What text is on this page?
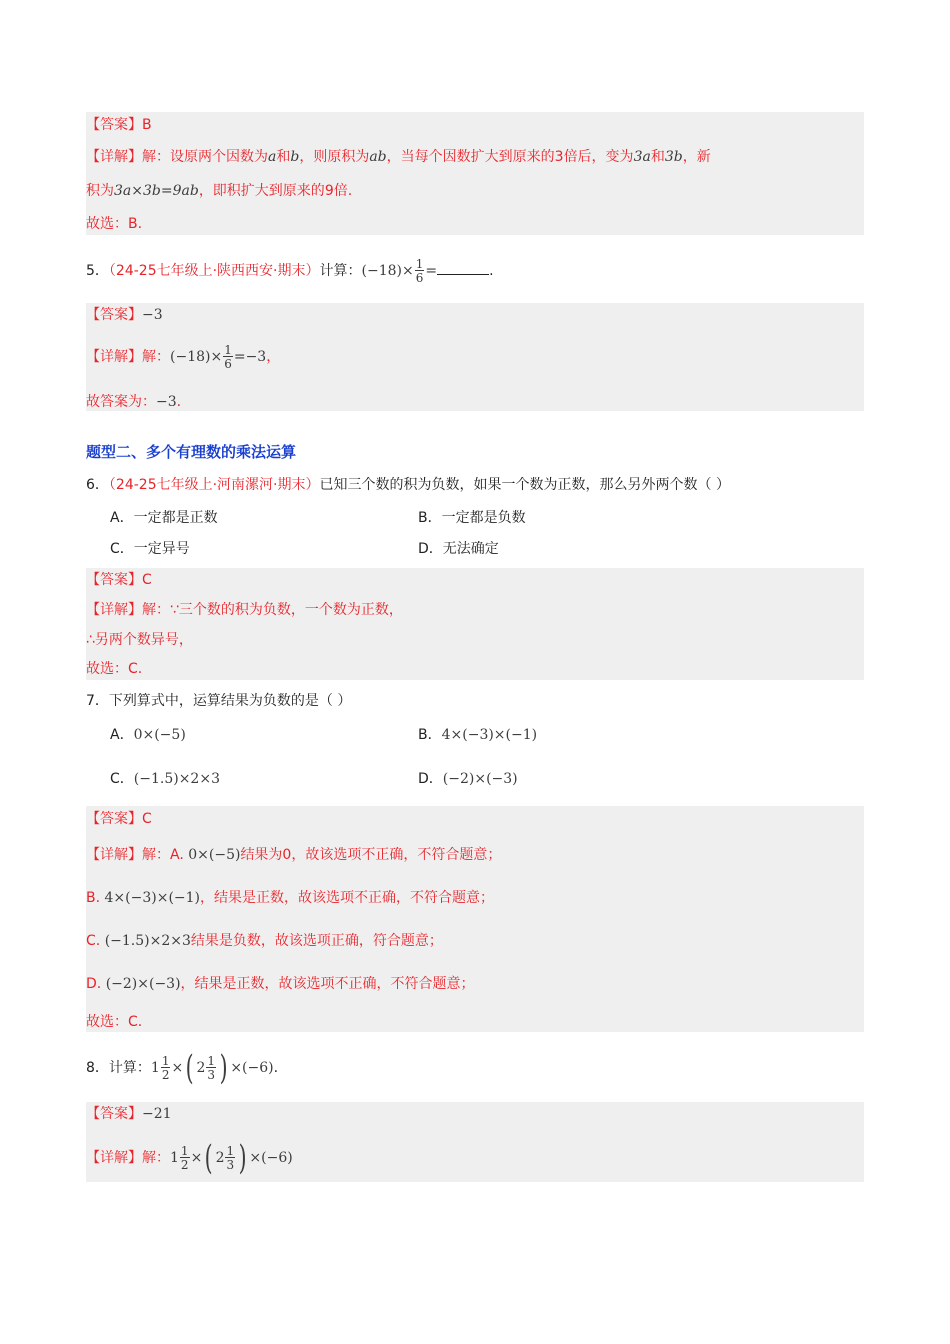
【答案】B
【详解】解：设原两个因数为a和b，则原积为ab，当每个因数扩大到原来的3倍后，变为3a和3b，新
积为3a×3b=9ab，即积扩大到原来的9倍.
故选：B.
5．（24-25七年级上·陕西西安·期末）计算：$(-18)\times \frac{1}{6}$ =	.
【答案】−3
【详解】解：$(-18)\times \frac{1}{6} =-3$，
故答案为：−3.
题型二、多个有理数的乘法运算
6．（24-25七年级上·河南漯河·期末）已知三个数的积为负数，如果一个数为正数，那么另外两个数（ ）
A．一定都是正数	B．一定都是负数
C．一定异号	D．无法确定
【答案】C
【详解】解：∵三个数的积为负数，一个数为正数，
∴另两个数异号，
故选：C.
7．下列算式中，运算结果为负数的是（ ）
A．0×(−5)	B．4×(−3)×(−1)
C．(−1.5)×2×3	D．(−2)×(−3)
【答案】C
【详解】解：A. 0×(−5)结果为0，故该选项不正确，不符合题意；
B. 4×(−3)×(−1)，结果是正数，故该选项不正确，不符合题意；
C. (−1.5)×2×3结果是负数，故该选项正确，符合题意；
D. (−2)×(−3)，结果是正数，故该选项不正确，不符合题意；
故选：C.
8．计算：$1 \frac{1}{2}$ ×( $2 \frac{1}{3}$ ) ×(−6).
【答案】−21
【详解】解：$1 \frac{1}{2}$ ×( $2 \frac{1}{3}$ ) ×(−6)
